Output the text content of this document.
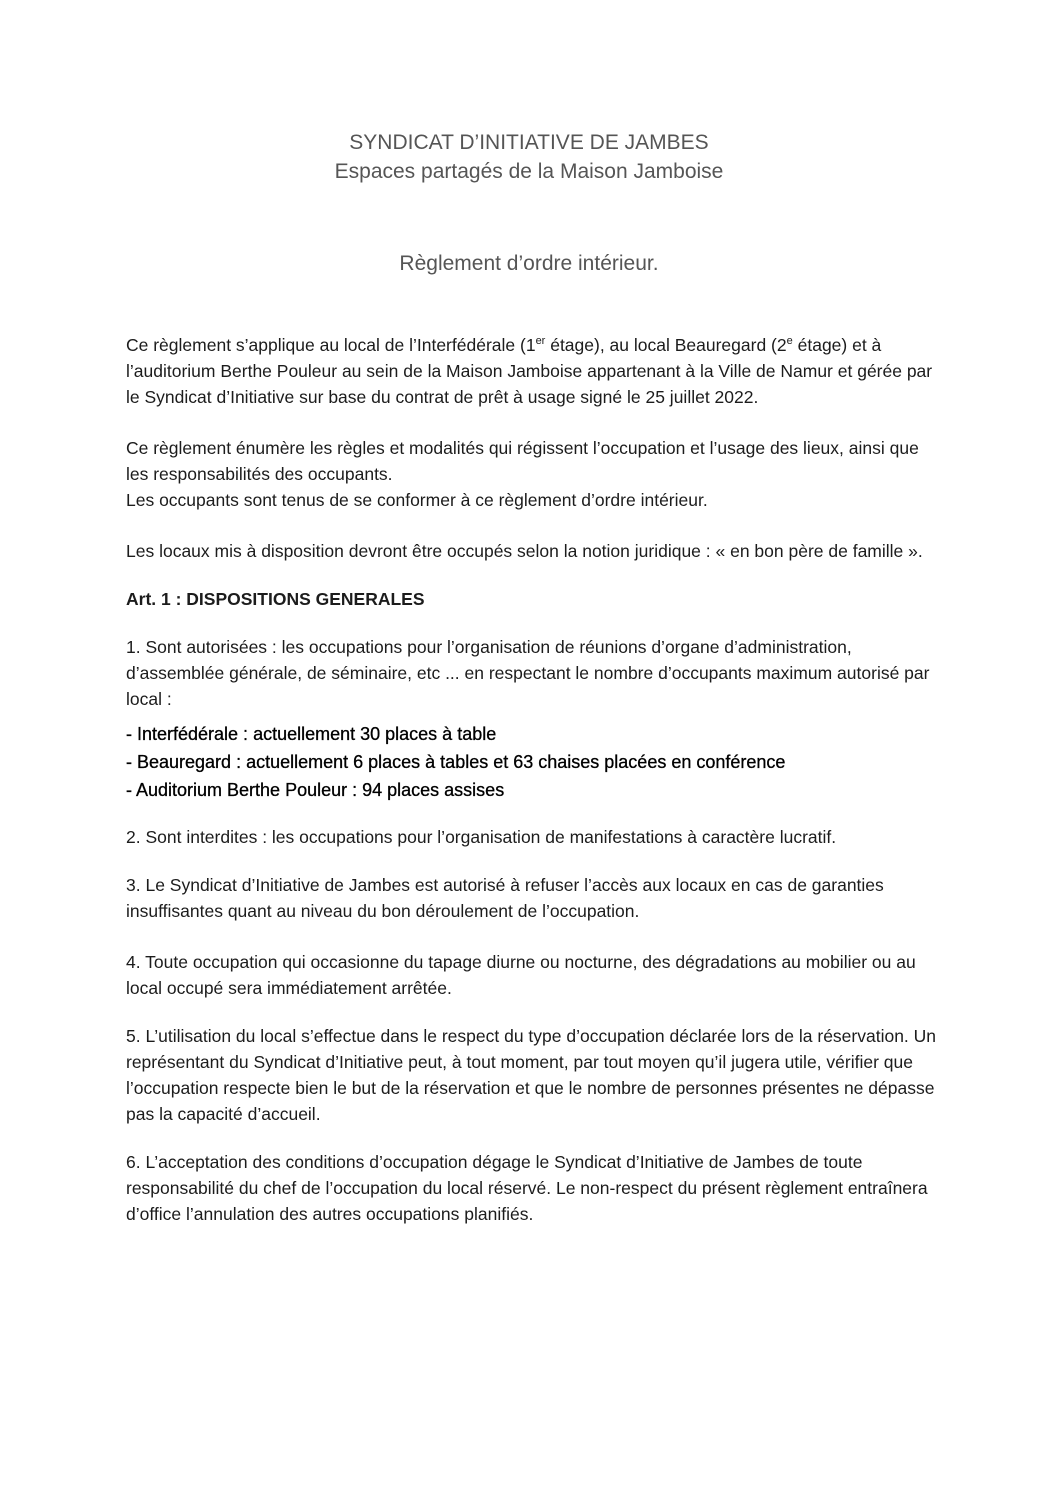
SYNDICAT D’INITIATIVE DE JAMBES
Espaces partagés de la Maison Jamboise
Règlement d’ordre intérieur.

Ce règlement s’applique au local de l’Interfédérale (1er étage), au local Beauregard (2e étage) et à l’auditorium Berthe Pouleur au sein de la Maison Jamboise appartenant à la Ville de Namur et gérée par le Syndicat d’Initiative sur base du contrat de prêt à usage signé le 25 juillet 2022.

Ce règlement énumère les règles et modalités qui régissent l’occupation et l’usage des lieux, ainsi que les responsabilités des occupants.

Les occupants sont tenus de se conformer à ce règlement d’ordre intérieur.

Les locaux mis à disposition devront être occupés selon la notion juridique : « en bon père de famille ».

Art. 1 : DISPOSITIONS GENERALES

1. Sont autorisées : les occupations pour l’organisation de réunions d’organe d’administration, d’assemblée générale, de séminaire, etc ... en respectant le nombre d’occupants maximum autorisé par local :

- Interfédérale : actuellement 30 places à table
- Beauregard : actuellement 6 places à tables et 63 chaises placées en conférence
- Auditorium Berthe Pouleur : 94 places assises

2. Sont interdites : les occupations pour l’organisation de manifestations à caractère lucratif.

3. Le Syndicat d’Initiative de Jambes est autorisé à refuser l’accès aux locaux en cas de garanties insuffisantes quant au niveau du bon déroulement de l’occupation.

4. Toute occupation qui occasionne du tapage diurne ou nocturne, des dégradations au mobilier ou au local occupé sera immédiatement arrêtée.

5. L’utilisation du local s’effectue dans le respect du type d’occupation déclarée lors de la réservation. Un représentant du Syndicat d’Initiative peut, à tout moment, par tout moyen qu’il jugera utile, vérifier que l’occupation respecte bien le but de la réservation et que le nombre de personnes présentes ne dépasse pas la capacité d’accueil.

6. L’acceptation des conditions d’occupation dégage le Syndicat d’Initiative de Jambes de toute responsabilité du chef de l’occupation du local réservé. Le non-respect du présent règlement entraînera d’office l’annulation des autres occupations planifiés.
